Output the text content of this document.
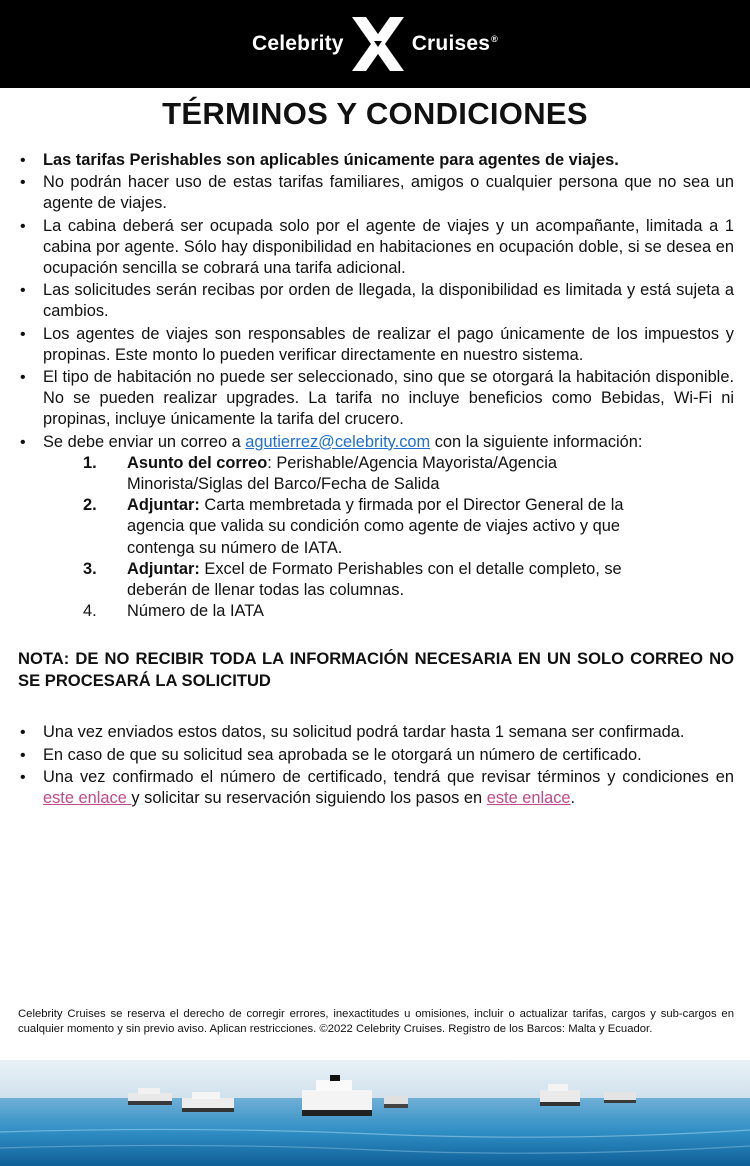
Celebrity	Cruises®
TÉRMINOS Y CONDICIONES
• Las tarifas Perishables son aplicables únicamente para agentes de viajes.
• No podrán hacer uso de estas tarifas familiares, amigos o cualquier persona que no sea un agente de viajes.
• La cabina deberá ser ocupada solo por el agente de viajes y un acompañante, limitada a 1 cabina por agente. Sólo hay disponibilidad en habitaciones en ocupación doble, si se desea en ocupación sencilla se cobrará una tarifa adicional.
• Las solicitudes serán recibas por orden de llegada, la disponibilidad es limitada y está sujeta a cambios.
• Los agentes de viajes son responsables de realizar el pago únicamente de los impuestos y propinas. Este monto lo pueden verificar directamente en nuestro sistema.
• El tipo de habitación no puede ser seleccionado, sino que se otorgará la habitación disponible. No se pueden realizar upgrades. La tarifa no incluye beneficios como Bebidas, Wi-Fi ni propinas, incluye únicamente la tarifa del crucero.
• Se debe enviar un correo a agutierrez@celebrity.com con la siguiente información:
1.	Asunto del correo: Perishable/Agencia Mayorista/Agencia Minorista/Siglas del Barco/Fecha de Salida
2.	Adjuntar: Carta membretada y firmada por el Director General de la agencia que valida su condición como agente de viajes activo y que contenga su número de IATA.
3.	Adjuntar: Excel de Formato Perishables con el detalle completo, se deberán de llenar todas las columnas.
4.	Número de la IATA
NOTA: DE NO RECIBIR TODA LA INFORMACIÓN NECESARIA EN UN SOLO CORREO NO SE PROCESARÁ LA SOLICITUD
• Una vez enviados estos datos, su solicitud podrá tardar hasta 1 semana ser confirmada.
• En caso de que su solicitud sea aprobada se le otorgará un número de certificado.
• Una vez confirmado el número de certificado, tendrá que revisar términos y condiciones en este enlace y solicitar su reservación siguiendo los pasos en este enlace.
Celebrity Cruises se reserva el derecho de corregir errores, inexactitudes u omisiones, incluir o actualizar tarifas, cargos y sub-cargos en cualquier momento y sin previo aviso. Aplican restricciones. ©2022 Celebrity Cruises. Registro de los Barcos: Malta y Ecuador.
